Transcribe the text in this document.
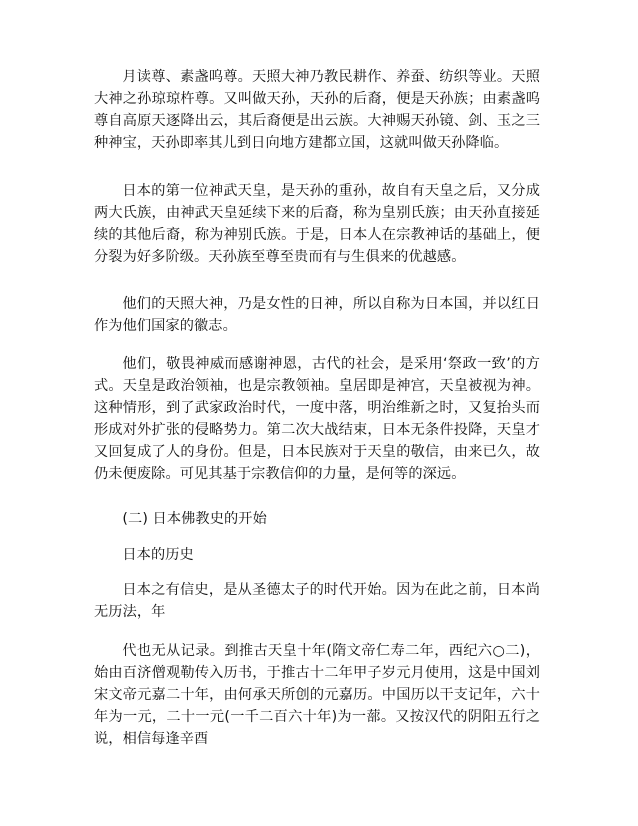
月读尊、素盏呜尊。天照大神乃教民耕作、养蚕、纺织等业。天照大神之孙琼琼杵尊。又叫做天孙，天孙的后裔，便是天孙族；由素盏呜尊自高原天逐降出云，其后裔便是出云族。大神赐天孙镜、剑、玉之三种神宝，天孙即率其儿到日向地方建都立国，这就叫做天孙降临。

日本的第一位神武天皇，是天孙的重孙，故自有天皇之后，又分成两大氏族，由神武天皇延续下来的后裔，称为皇别氏族；由天孙直接延续的其他后裔，称为神别氏族。于是，日本人在宗教神话的基础上，便分裂为好多阶级。天孙族至尊至贵而有与生俱来的优越感。

他们的天照大神，乃是女性的日神，所以自称为日本国，并以红日作为他们国家的徽志。

他们，敬畏神威而感谢神恩，古代的社会，是采用‘祭政一致’的方式。天皇是政治领袖，也是宗教领袖。皇居即是神宫，天皇被视为神。这种情形，到了武家政治时代，一度中落，明治维新之时，又复抬头而形成对外扩张的侵略势力。第二次大战结束，日本无条件投降，天皇才又回复成了人的身份。但是，日本民族对于天皇的敬信，由来已久，故仍未便废除。可见其基于宗教信仰的力量，是何等的深远。

(二) 日本佛教史的开始

日本的历史

日本之有信史，是从圣德太子的时代开始。因为在此之前，日本尚无历法，年

代也无从记录。到推古天皇十年(隋文帝仁寿二年，西纪六○二)，始由百济僧观勒传入历书，于推古十二年甲子岁元月使用，这是中国刘宋文帝元嘉二十年，由何承天所创的元嘉历。中国历以干支记年，六十年为一元，二十一元(一千二百六十年)为一蔀。又按汉代的阴阳五行之说，相信每逢辛酉
